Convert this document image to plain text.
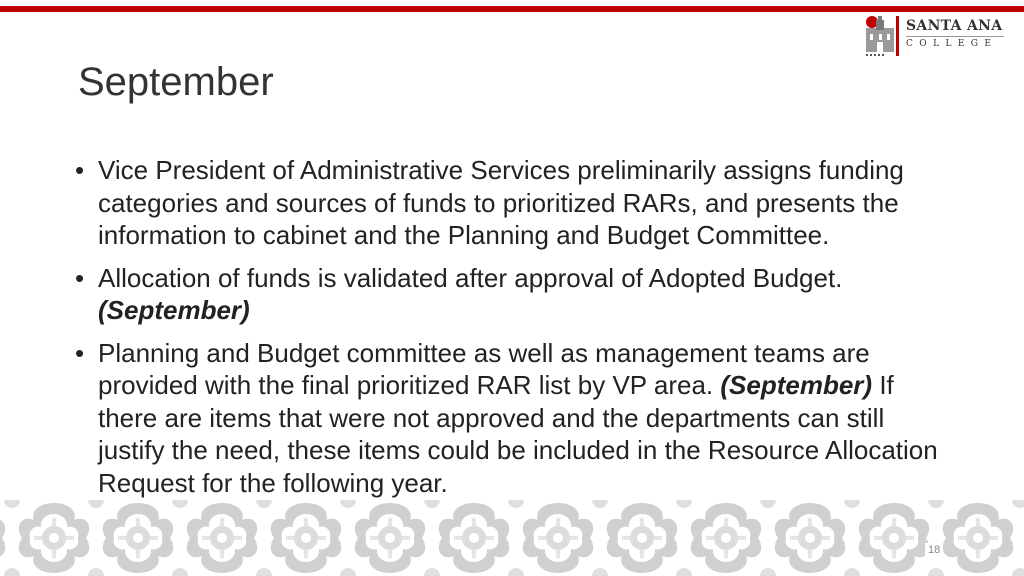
SANTA ANA
COLLEGE
September
• Vice President of Administrative Services preliminarily assigns funding categories and sources of funds to prioritized RARs, and presents the information to cabinet and the Planning and Budget Committee.
• Allocation of funds is validated after approval of Adopted Budget.
(September)
• Planning and Budget committee as well as management teams are provided with the final prioritized RAR list by VP area. (September) If there are items that were not approved and the departments can still justify the need, these items could be included in the Resource Allocation Request for the following year.
18
